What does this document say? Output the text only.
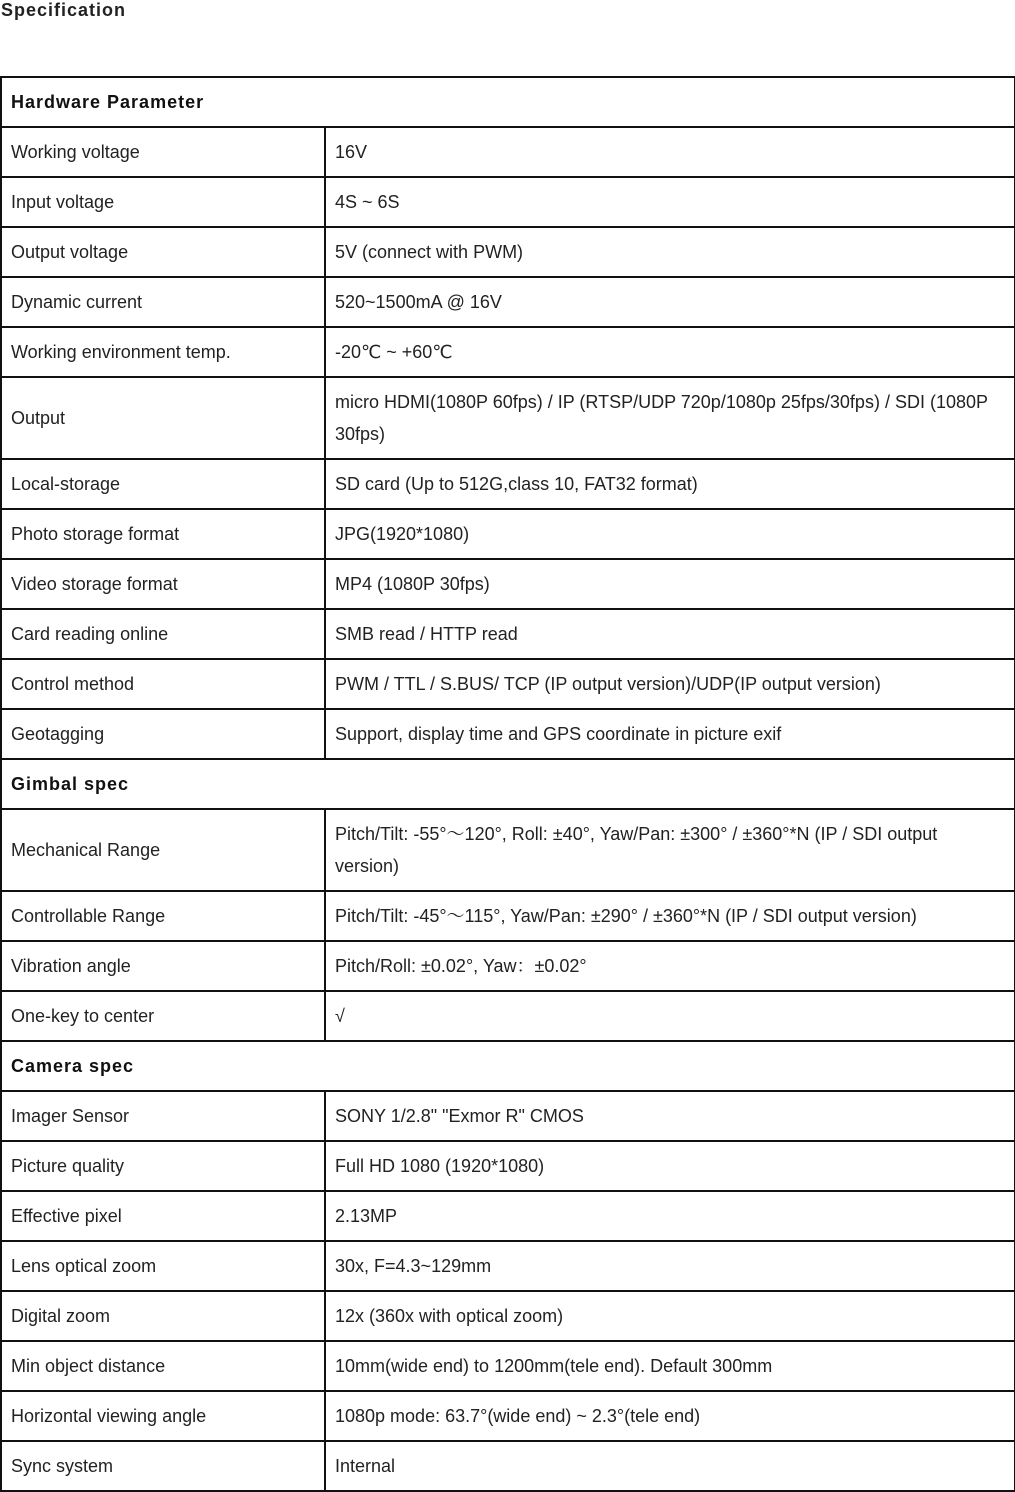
Specification
Hardware Parameter	
Working voltage	16V
Input voltage	4S ~ 6S
Output voltage	5V (connect with PWM)
Dynamic current	520~1500mA @ 16V
Working environment temp.	-20℃ ~ +60℃
Output	micro HDMI(1080P 60fps) / IP (RTSP/UDP 720p/1080p 25fps/30fps) / SDI (1080P 30fps)
Local-storage	SD card (Up to 512G,class 10, FAT32 format)
Photo storage format	JPG(1920*1080)
Video storage format	MP4 (1080P 30fps)
Card reading online	SMB read / HTTP read
Control method	PWM / TTL / S.BUS/ TCP (IP output version)/UDP(IP output version)
Geotagging	Support, display time and GPS coordinate in picture exif
Gimbal spec	
Mechanical Range	Pitch/Tilt: -55°～120°, Roll: ±40°, Yaw/Pan: ±300° / ±360°*N (IP / SDI output version)
Controllable Range	Pitch/Tilt: -45°～115°, Yaw/Pan: ±290° / ±360°*N (IP / SDI output version)
Vibration angle	Pitch/Roll: ±0.02°, Yaw：±0.02°
One-key to center	√
Camera spec	
Imager Sensor	SONY 1/2.8" "Exmor R" CMOS
Picture quality	Full HD 1080 (1920*1080)
Effective pixel	2.13MP
Lens optical zoom	30x, F=4.3~129mm
Digital zoom	12x (360x with optical zoom)
Min object distance	10mm(wide end) to 1200mm(tele end). Default 300mm
Horizontal viewing angle	1080p mode: 63.7°(wide end) ~ 2.3°(tele end)
Sync system	Internal
